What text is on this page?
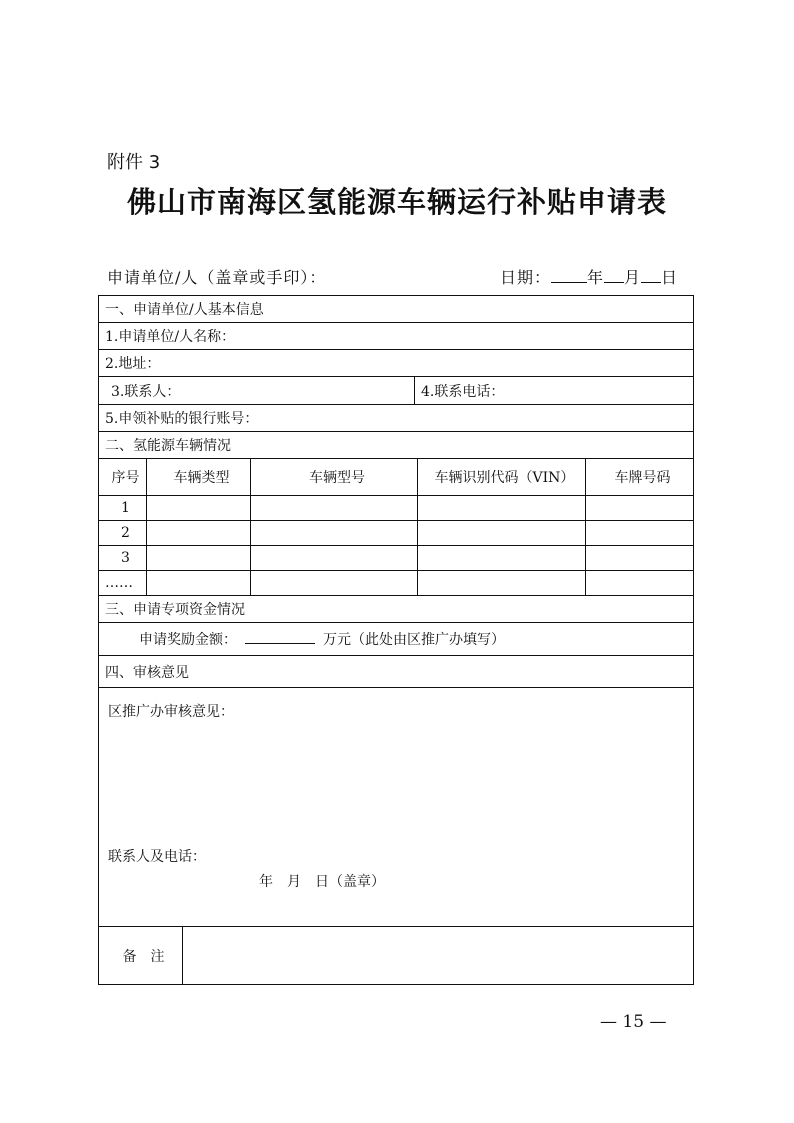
附件 3
佛山市南海区氢能源车辆运行补贴申请表
申请单位/人（盖章或手印）：	日期： 年 月 日
一、申请单位/人基本信息
1.申请单位/人名称：
2.地址：

3.联系人：	4.联系电话：

5.申领补贴的银行账号：
二、氢能源车辆情况
序号	车辆类型	车辆型号	车辆识别代码（VIN）	车牌号码
1				
2				
3				
……				
三、申请专项资金情况
申请奖励金额：	万元（此处由区推广办填写）
四、审核意见

区推广办审核意见：
联系人及电话：
年　月　日（盖章）

备　注	
— 15 —
